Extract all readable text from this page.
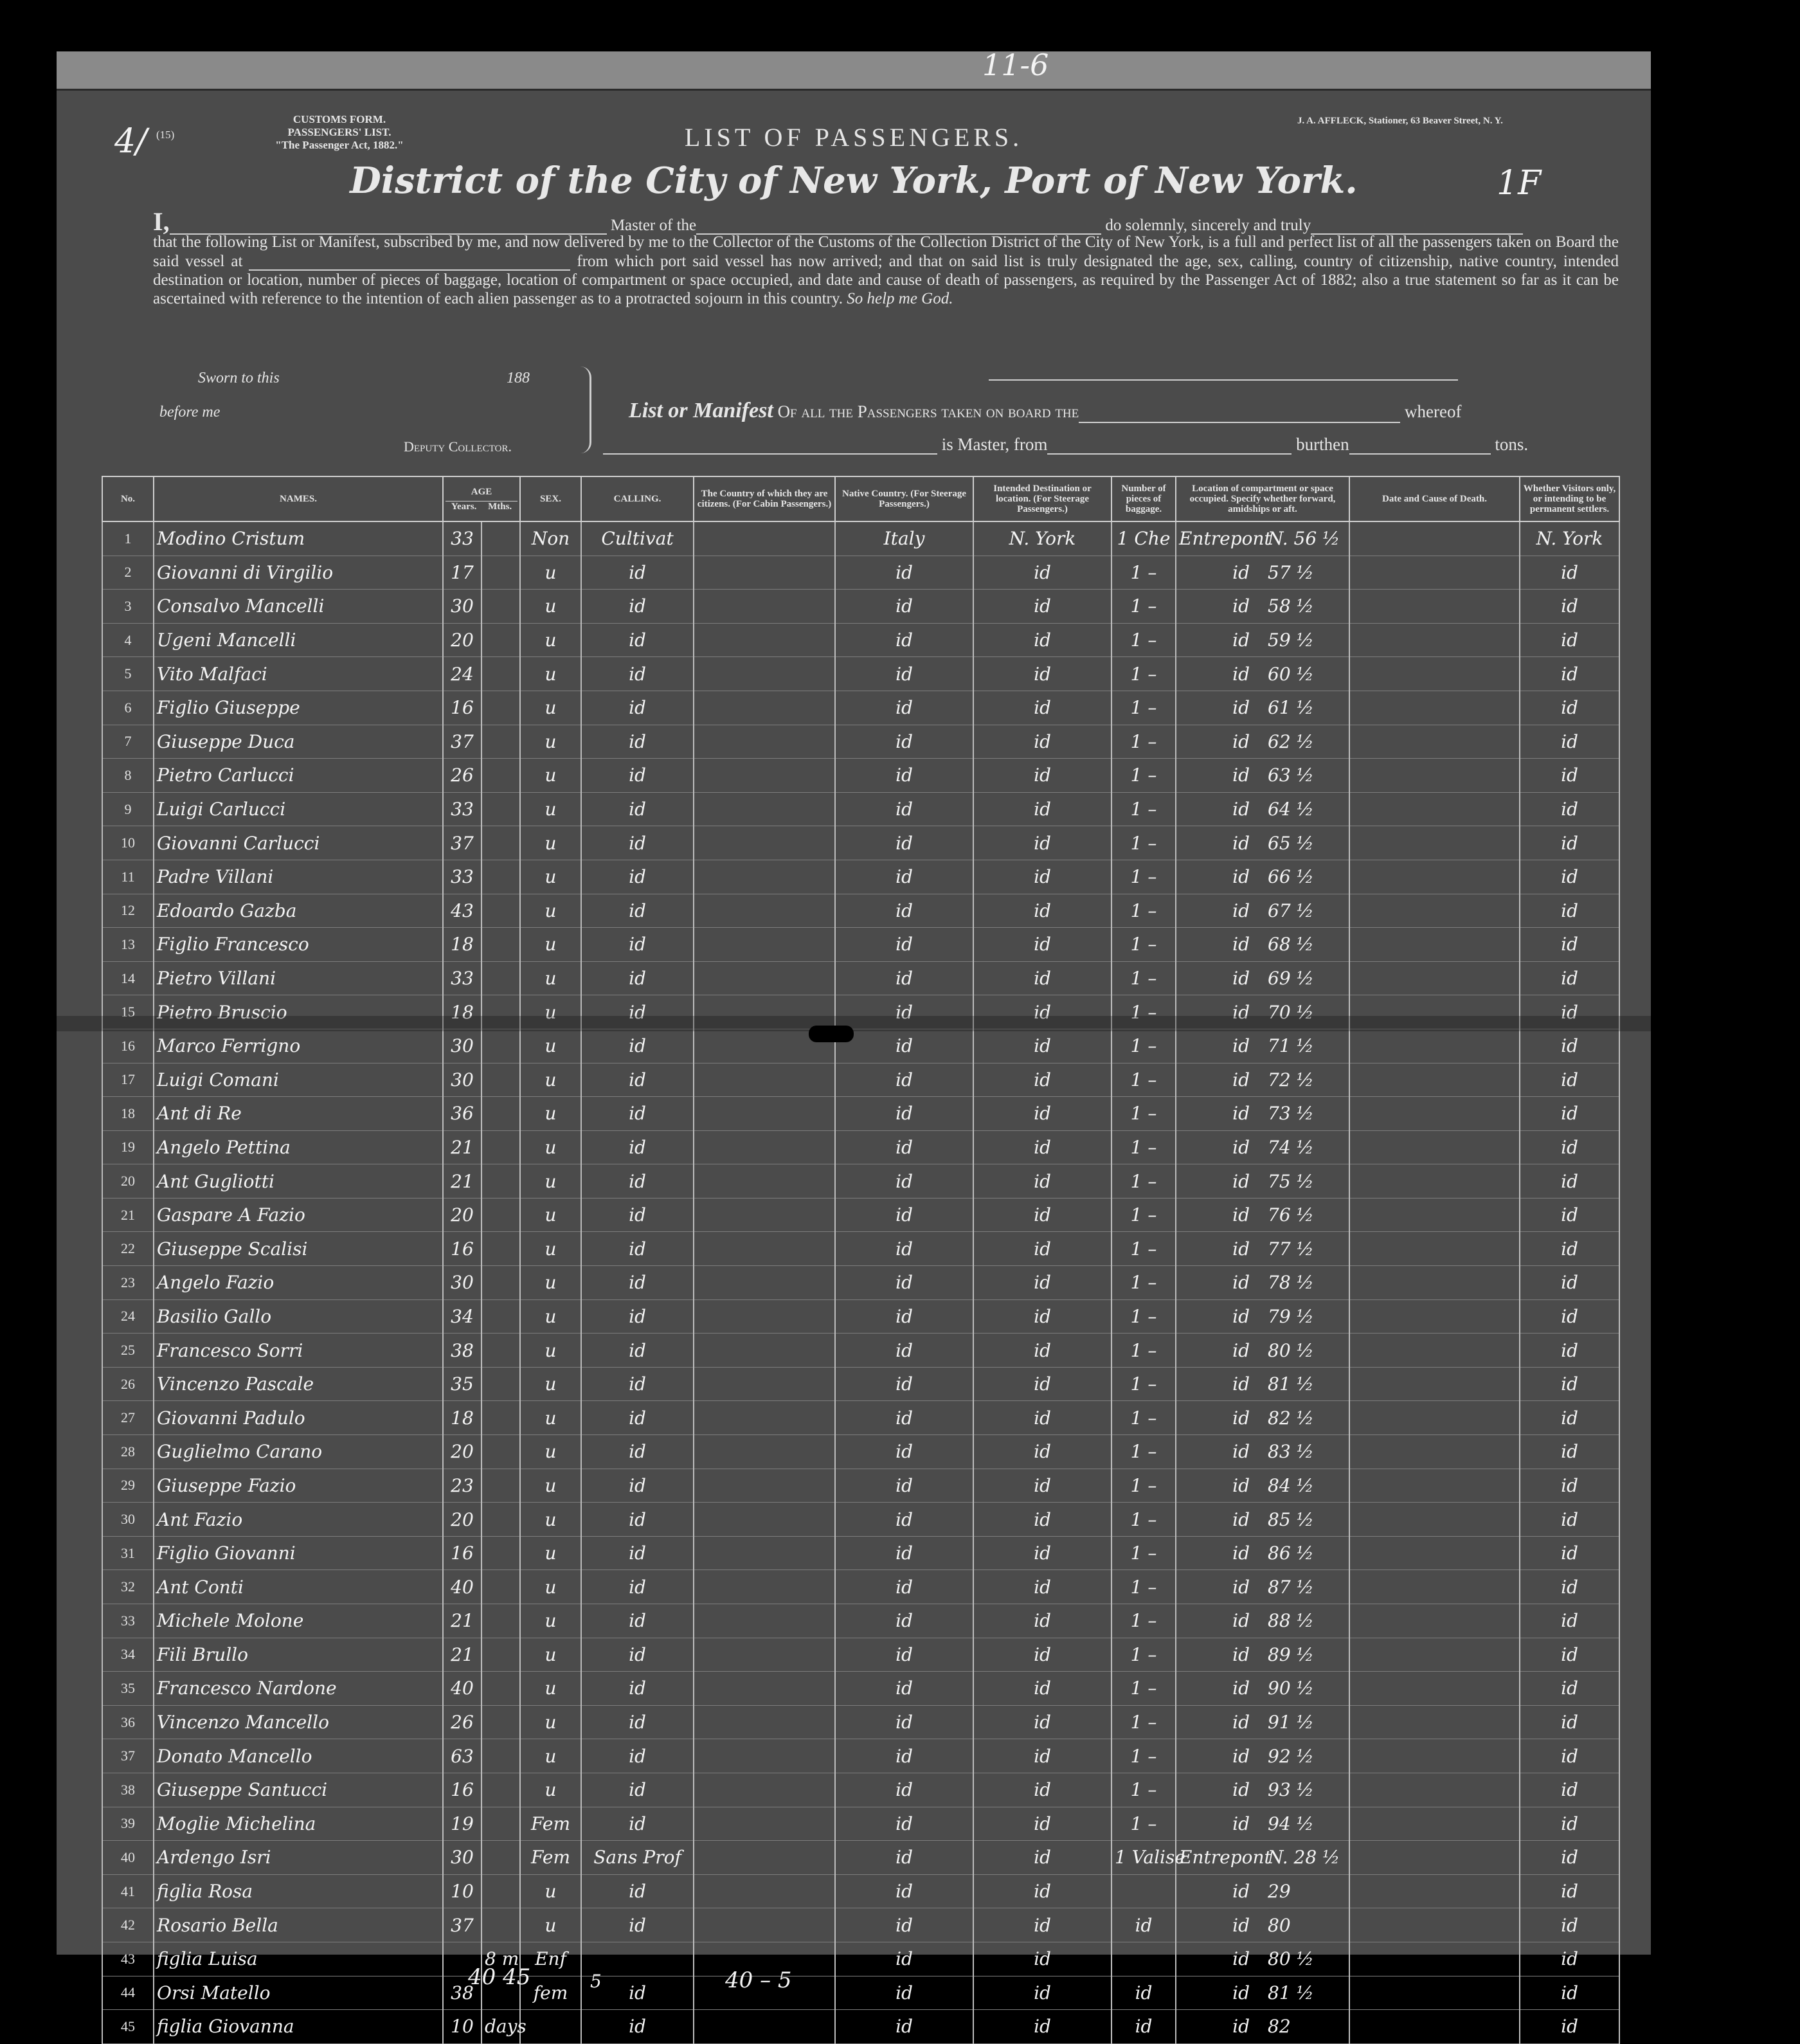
11-6
4/
1F
(15)
CUSTOMS FORM.
PASSENGERS' LIST.
"The Passenger Act, 1882."	LIST OF PASSENGERS.
J. A. AFFLECK, Stationer, 63 Beaver Street, N. Y.
District of the City of New York, Port of New York.
I,	Master of the	do solemnly, sincerely and truly
that the following List or Manifest, subscribed by me, and now delivered by me to the Collector of the Customs of the Collection District of the City of New York, is a full and perfect list of all the passengers taken on Board the said vessel at	from which port said vessel has now arrived; and that on said list is truly designated the age, sex, calling, country of citizenship, native country, intended destination or location, number of pieces of baggage, location of compartment or space occupied, and date and cause of death of passengers, as required by the Passenger Act of 1882; also a true statement so far as it can be ascertained with reference to the intention of each alien passenger as to a protracted sojourn in this country. So help me God.
Sworn to this	188
before me
Deputy Collector.
List or Manifest Of all the Passengers taken on board the	whereof
is Master, from	burthen	tons.
No.	NAMES.	AGE
Years. Mths.		SEX.	CALLING.	The Country of which they are citizens. (For Cabin Passengers.)	Native Country. (For Steerage Passengers.)	Intended Destination or location. (For Steerage Passengers.)	Number of pieces of baggage.	Location of compartment or space occupied. Specify whether forward, amidships or aft.	Date and Cause of Death.	Whether Visitors only, or intending to be permanent settlers.
1	Modino Cristum	33		Non	Cultivat		Italy	N. York	1 Che	EntrepontN. 56 ½		N. York
2	Giovanni di Virgilio	17		u	id		id	id	1 –	id 57 ½		id
3	Consalvo Mancelli	30		u	id		id	id	1 –	id 58 ½		id
4	Ugeni Mancelli	20		u	id		id	id	1 –	id 59 ½		id
5	Vito Malfaci	24		u	id		id	id	1 –	id 60 ½		id
6	Figlio Giuseppe	16		u	id		id	id	1 –	id 61 ½		id
7	Giuseppe Duca	37		u	id		id	id	1 –	id 62 ½		id
8	Pietro Carlucci	26		u	id		id	id	1 –	id 63 ½		id
9	Luigi Carlucci	33		u	id		id	id	1 –	id 64 ½		id
10	Giovanni Carlucci	37		u	id		id	id	1 –	id 65 ½		id
11	Padre Villani	33		u	id		id	id	1 –	id 66 ½		id
12	Edoardo Gazba	43		u	id		id	id	1 –	id 67 ½		id
13	Figlio Francesco	18		u	id		id	id	1 –	id 68 ½		id
14	Pietro Villani	33		u	id		id	id	1 –	id 69 ½		id
15	Pietro Bruscio	18		u	id		id	id	1 –	id 70 ½		id
16	Marco Ferrigno	30		u	id		id	id	1 –	id 71 ½		id
17	Luigi Comani	30		u	id		id	id	1 –	id 72 ½		id
18	Ant di Re	36		u	id		id	id	1 –	id 73 ½		id
19	Angelo Pettina	21		u	id		id	id	1 –	id 74 ½		id
20	Ant Gugliotti	21		u	id		id	id	1 –	id 75 ½		id
21	Gaspare A Fazio	20		u	id		id	id	1 –	id 76 ½		id
22	Giuseppe Scalisi	16		u	id		id	id	1 –	id 77 ½		id
23	Angelo Fazio	30		u	id		id	id	1 –	id 78 ½		id
24	Basilio Gallo	34		u	id		id	id	1 –	id 79 ½		id
25	Francesco Sorri	38		u	id		id	id	1 –	id 80 ½		id
26	Vincenzo Pascale	35		u	id		id	id	1 –	id 81 ½		id
27	Giovanni Padulo	18		u	id		id	id	1 –	id 82 ½		id
28	Guglielmo Carano	20		u	id		id	id	1 –	id 83 ½		id
29	Giuseppe Fazio	23		u	id		id	id	1 –	id 84 ½		id
30	Ant Fazio	20		u	id		id	id	1 –	id 85 ½		id
31	Figlio Giovanni	16		u	id		id	id	1 –	id 86 ½		id
32	Ant Conti	40		u	id		id	id	1 –	id 87 ½		id
33	Michele Molone	21		u	id		id	id	1 –	id 88 ½		id
34	Fili Brullo	21		u	id		id	id	1 –	id 89 ½		id
35	Francesco Nardone	40		u	id		id	id	1 –	id 90 ½		id
36	Vincenzo Mancello	26		u	id		id	id	1 –	id 91 ½		id
37	Donato Mancello	63		u	id		id	id	1 –	id 92 ½		id
38	Giuseppe Santucci	16		u	id		id	id	1 –	id 93 ½		id
39	Moglie Michelina	19		Fem	id		id	id	1 –	id 94 ½		id
40	Ardengo Isri	30		Fem	Sans Prof		id	id	1 Valise	EntrepontN. 28 ½		id
41	figlia Rosa	10		u	id		id	id		id 29		id
42	Rosario Bella	37		u	id		id	id	id	id 80		id
43	figlia Luisa		8 m	Enf			id	id		id 80 ½		id
44	Orsi Matello	38		fem	id		id	id	id	id 81 ½		id
45	figlia Giovanna	10	days		id		id	id	id	id 82		id
40 45	5	40 – 5
